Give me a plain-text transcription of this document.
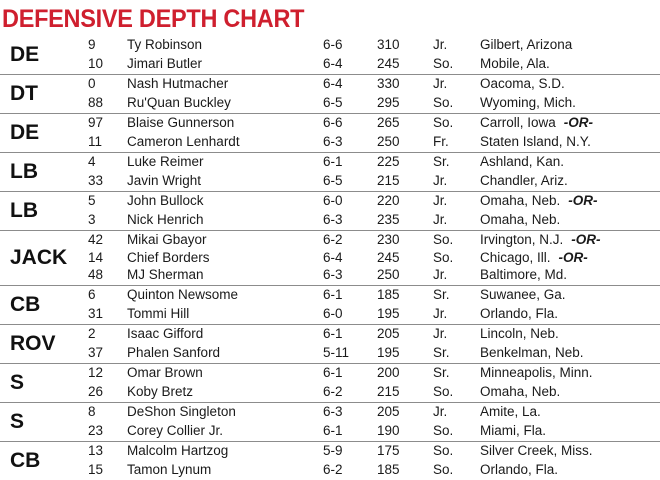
DEFENSIVE DEPTH CHART
DE	9 Ty Robinson	6-6	310 Jr. Gilbert, Arizona
10 Jimari Butler	6-4	245 So. Mobile, Ala.
DT	0 Nash Hutmacher	6-4	330 Jr. Oacoma, S.D.
88 Ru'Quan Buckley	6-5	295 So. Wyoming, Mich.
DE	97 Blaise Gunnerson	6-6	265 So. Carroll, Iowa -OR-
11 Cameron Lenhardt	6-3	250 Fr. Staten Island, N.Y.
LB	4 Luke Reimer	6-1	225 Sr. Ashland, Kan.
33 Javin Wright	6-5	215 Jr. Chandler, Ariz.
LB	5 John Bullock	6-0	220 Jr. Omaha, Neb. -OR-
3 Nick Henrich	6-3	235 Jr. Omaha, Neb.
JACK
42 Mikai Gbayor	6-2	230 So. Irvington, N.J. -OR-
14 Chief Borders	6-4	245 So. Chicago, Ill. -OR-
48 MJ Sherman	6-3	250 Jr. Baltimore, Md.
CB	6 Quinton Newsome	6-1	185 Sr. Suwanee, Ga.
31 Tommi Hill	6-0	195 Jr. Orlando, Fla.
ROV 2 Isaac Gifford	6-1	205 Jr. Lincoln, Neb.
37 Phalen Sanford	5-11 195 Sr. Benkelman, Neb.
S	12 Omar Brown	6-1	200 Sr. Minneapolis, Minn.
26 Koby Bretz	6-2	215 So. Omaha, Neb.
S	8 DeShon Singleton	6-3	205 Jr. Amite, La.
23 Corey Collier Jr.	6-1	190 So. Miami, Fla.
CB	13 Malcolm Hartzog	5-9	175 So. Silver Creek, Miss.
15 Tamon Lynum	6-2	185 So. Orlando, Fla.
